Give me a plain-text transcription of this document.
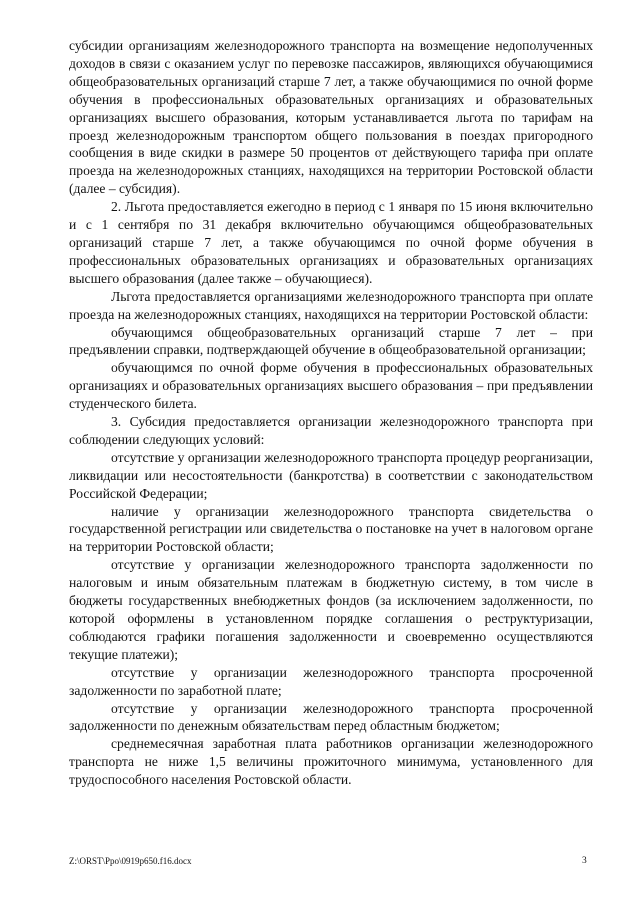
субсидии организациям железнодорожного транспорта на возмещение недополученных доходов в связи с оказанием услуг по перевозке пассажиров, являющихся обучающимися общеобразовательных организаций старше 7 лет, а также обучающимися по очной форме обучения в профессиональных образовательных организациях и образовательных организациях высшего образования, которым устанавливается льгота по тарифам на проезд железнодорожным транспортом общего пользования в поездах пригородного сообщения в виде скидки в размере 50 процентов от действующего тарифа при оплате проезда на железнодорожных станциях, находящихся на территории Ростовской области (далее – субсидия).

2. Льгота предоставляется ежегодно в период с 1 января по 15 июня включительно и с 1 сентября по 31 декабря включительно обучающимся общеобразовательных организаций старше 7 лет, а также обучающимся по очной форме обучения в профессиональных образовательных организациях и образовательных организациях высшего образования (далее также – обучающиеся).

Льгота предоставляется организациями железнодорожного транспорта при оплате проезда на железнодорожных станциях, находящихся на территории Ростовской области:

обучающимся общеобразовательных организаций старше 7 лет – при предъявлении справки, подтверждающей обучение в общеобразовательной организации;

обучающимся по очной форме обучения в профессиональных образовательных организациях и образовательных организациях высшего образования – при предъявлении студенческого билета.

3. Субсидия предоставляется организации железнодорожного транспорта при соблюдении следующих условий:

отсутствие у организации железнодорожного транспорта процедур реорганизации, ликвидации или несостоятельности (банкротства) в соответствии с законодательством Российской Федерации;

наличие у организации железнодорожного транспорта свидетельства о государственной регистрации или свидетельства о постановке на учет в налоговом органе на территории Ростовской области;

отсутствие у организации железнодорожного транспорта задолженности по налоговым и иным обязательным платежам в бюджетную систему, в том числе в бюджеты государственных внебюджетных фондов (за исключением задолженности, по которой оформлены в установленном порядке соглашения о реструктуризации, соблюдаются графики погашения задолженности и своевременно осуществляются текущие платежи);

отсутствие у организации железнодорожного транспорта просроченной задолженности по заработной плате;

отсутствие у организации железнодорожного транспорта просроченной задолженности по денежным обязательствам перед областным бюджетом;

среднемесячная заработная плата работников организации железнодорожного транспорта не ниже 1,5 величины прожиточного минимума, установленного для трудоспособного населения Ростовской области.

Z:\ORST\Ppo\0919p650.f16.docx	3
